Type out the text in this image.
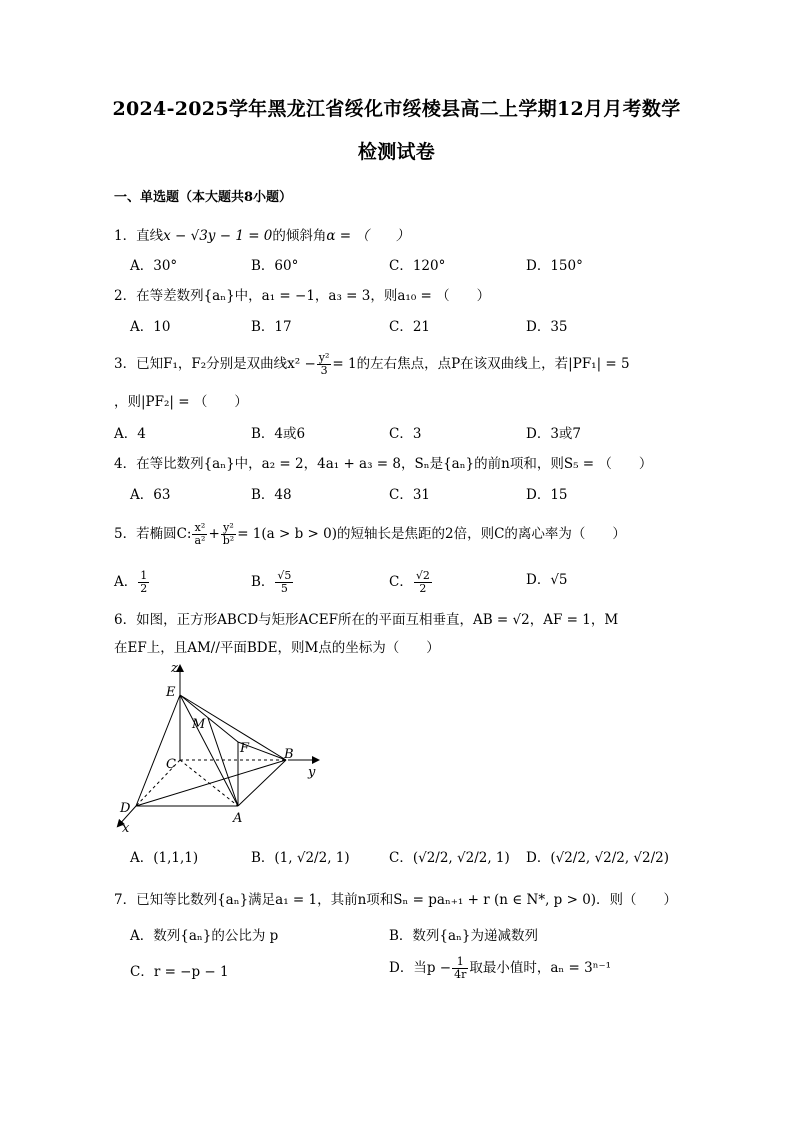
2024-2025学年黑龙江省绥化市绥棱县高二上学期12月月考数学
检测试卷
一、单选题（本大题共8小题）
1．直线x − √3y − 1 = 0的倾斜角α = （　　）
A．30°	B．60°	C．120°	D．150°
2．在等差数列{aₙ}中，a₁ = −1，a₃ = 3，则a₁₀ = （　　）
A．10	B．17	C．21	D．35
3．已知F₁，F₂分别是双曲线$x^2 - \frac{\text{y²}}{3} = 1$的左右焦点，点P在该双曲线上，若|PF₁| = 5
，则|PF₂| = （　　）
A．4	B．4或6	C．3	D．3或7
4．在等比数列{aₙ}中，a₂ = 2，4a₁ + a₃ = 8，Sₙ是{aₙ}的前n项和，则S₅ = （　　）
A．63	B．48	C．31	D．15
5．若椭圆C: $\frac{\text{x²}}{\text{a²}} + \frac{\text{y²}}{\text{b²}} = 1(a > b > 0)$的短轴长是焦距的2倍，则C的离心率为（　　）
A． $\frac{1}{2}$	B． $\frac{√5}{5}$	C． $\frac{√2}{2}$	D．√5
6．如图，正方形ABCD与矩形ACEF所在的平面互相垂直，AB = √2，AF = 1，M
在EF上，且AM//平面BDE，则M点的坐标为（　　）
z
y
x
E
M
F	B
C
D
A
A．(1,1,1)	B．(1, √2/2, 1)	C．(√2/2, √2/2, 1) D．(√2/2, √2/2, √2/2)
7．已知等比数列{aₙ}满足a₁ = 1，其前n项和Sₙ = paₙ₊₁ + r (n ∈ N*, p > 0)．则（　　）
A．数列{aₙ}的公比为 p	B．数列{aₙ}为递减数列
C．r = −p − 1	D．当$p - \frac{1}{4r}$ 取最小值时，aₙ = 3ⁿ⁻¹
